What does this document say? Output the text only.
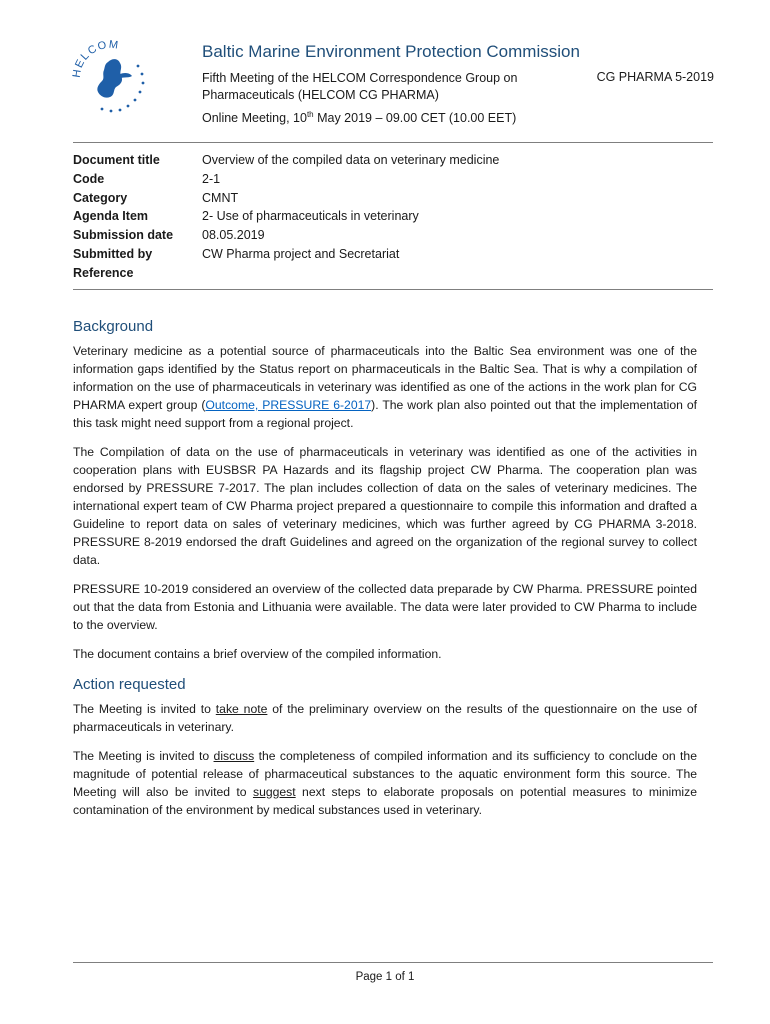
HELCOM	Baltic Marine Environment Protection Commission
Fifth Meeting of the HELCOM Correspondence Group on Pharmaceuticals (HELCOM CG PHARMA)
CG PHARMA 5-2019
Online Meeting, 10th May 2019 – 09.00 CET (10.00 EET)
Document title	Overview of the compiled data on veterinary medicine
Code	2-1
Category	CMNT
Agenda Item	2- Use of pharmaceuticals in veterinary
Submission date	08.05.2019
Submitted by	CW Pharma project and Secretariat
Reference
Background

Veterinary medicine as a potential source of pharmaceuticals into the Baltic Sea environment was one of the information gaps identified by the Status report on pharmaceuticals in the Baltic Sea. That is why a compilation of information on the use of pharmaceuticals in veterinary was identified as one of the actions in the work plan for CG PHARMA expert group (Outcome, PRESSURE 6-2017). The work plan also pointed out that the implementation of this task might need support from a regional project.

The Compilation of data on the use of pharmaceuticals in veterinary was identified as one of the activities in cooperation plans with EUSBSR PA Hazards and its flagship project CW Pharma. The cooperation plan was endorsed by PRESSURE 7-2017. The plan includes collection of data on the sales of veterinary medicines. The international expert team of CW Pharma project prepared a questionnaire to compile this information and drafted a Guideline to report data on sales of veterinary medicines, which was further agreed by CG PHARMA 3-2018. PRESSURE 8-2019 endorsed the draft Guidelines and agreed on the organization of the regional survey to collect data.

PRESSURE 10-2019 considered an overview of the collected data preparade by CW Pharma. PRESSURE pointed out that the data from Estonia and Lithuania were available. The data were later provided to CW Pharma to include to the overview.

The document contains a brief overview of the compiled information.

Action requested

The Meeting is invited to take note of the preliminary overview on the results of the questionnaire on the use of pharmaceuticals in veterinary.

The Meeting is invited to discuss the completeness of compiled information and its sufficiency to conclude on the magnitude of potential release of pharmaceutical substances to the aquatic environment form this source. The Meeting will also be invited to suggest next steps to elaborate proposals on potential measures to minimize contamination of the environment by medical substances used in veterinary.

Page 1 of 1
